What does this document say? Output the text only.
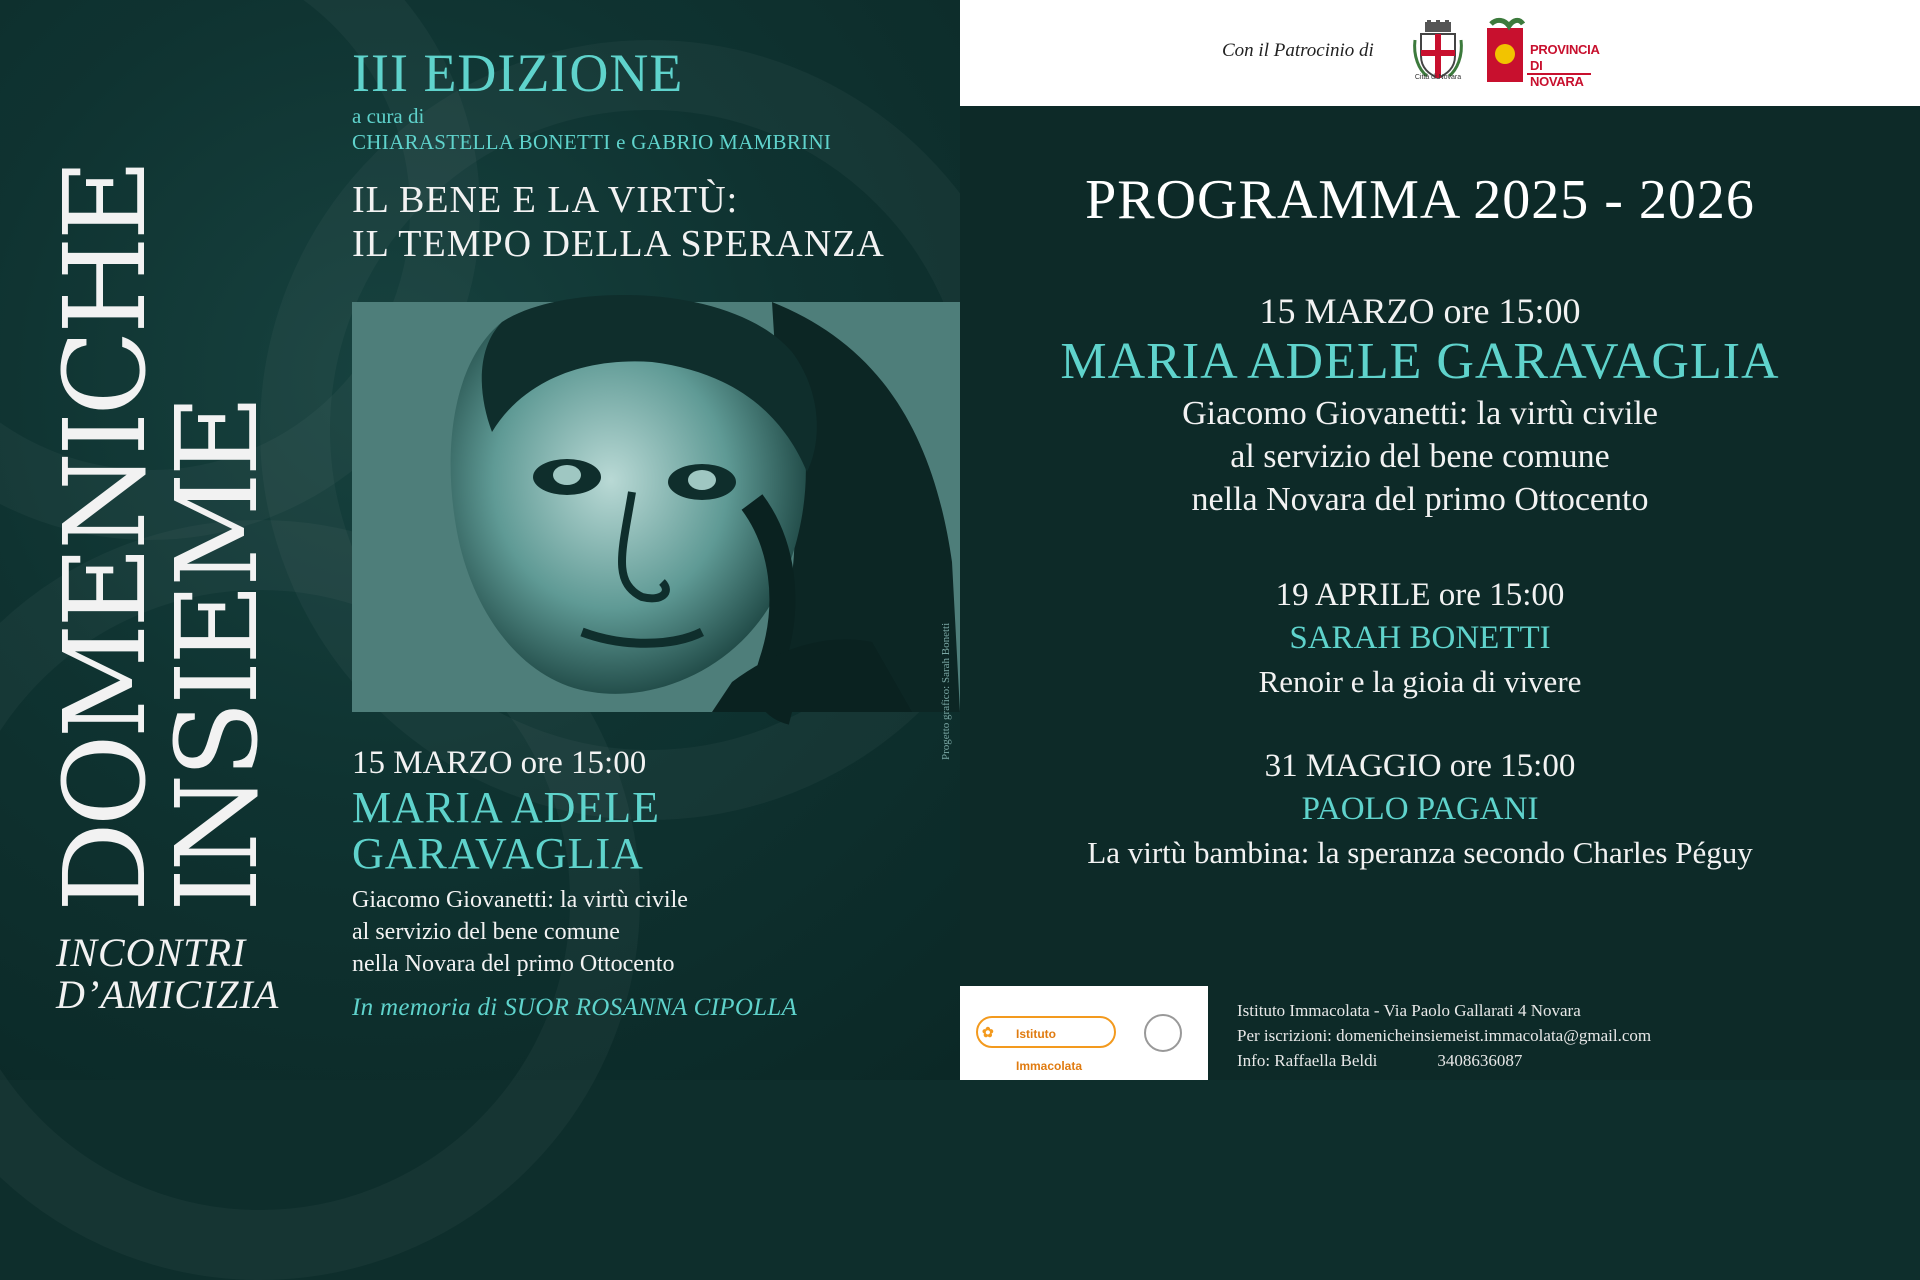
DOMENICHE
INSIEME
INCONTRI
D’AMICIZIA
III EDIZIONE
a cura di
CHIARASTELLA BONETTI e GABRIO MAMBRINI
IL BENE E LA VIRTÙ:
IL TEMPO DELLA SPERANZA
15 MARZO ore 15:00
MARIA ADELE
GARAVAGLIA
Giacomo Giovanetti: la virtù civile
al servizio del bene comune
nella Novara del primo Ottocento
In memoria di SUOR ROSANNA CIPOLLA
Progetto grafico: Sarah Bonetti
Con il Patrocinio di
Città di Novara
PROVINCIA
DI NOVARA
PROGRAMMA 2025 - 2026
15 MARZO ore 15:00
MARIA ADELE GARAVAGLIA
Giacomo Giovanetti: la virtù civile
al servizio del bene comune
nella Novara del primo Ottocento
19 APRILE ore 15:00
SARAH BONETTI
Renoir e la gioia di vivere
31 MAGGIO ore 15:00
PAOLO PAGANI
La virtù bambina: la speranza secondo Charles Péguy
Istituto Immacolata
✿
Istituto Immacolata - Via Paolo Gallarati 4 Novara
Per iscrizioni: domenicheinsiemeist.immacolata@gmail.com
Info: Raffaella Beldi	3408636087
